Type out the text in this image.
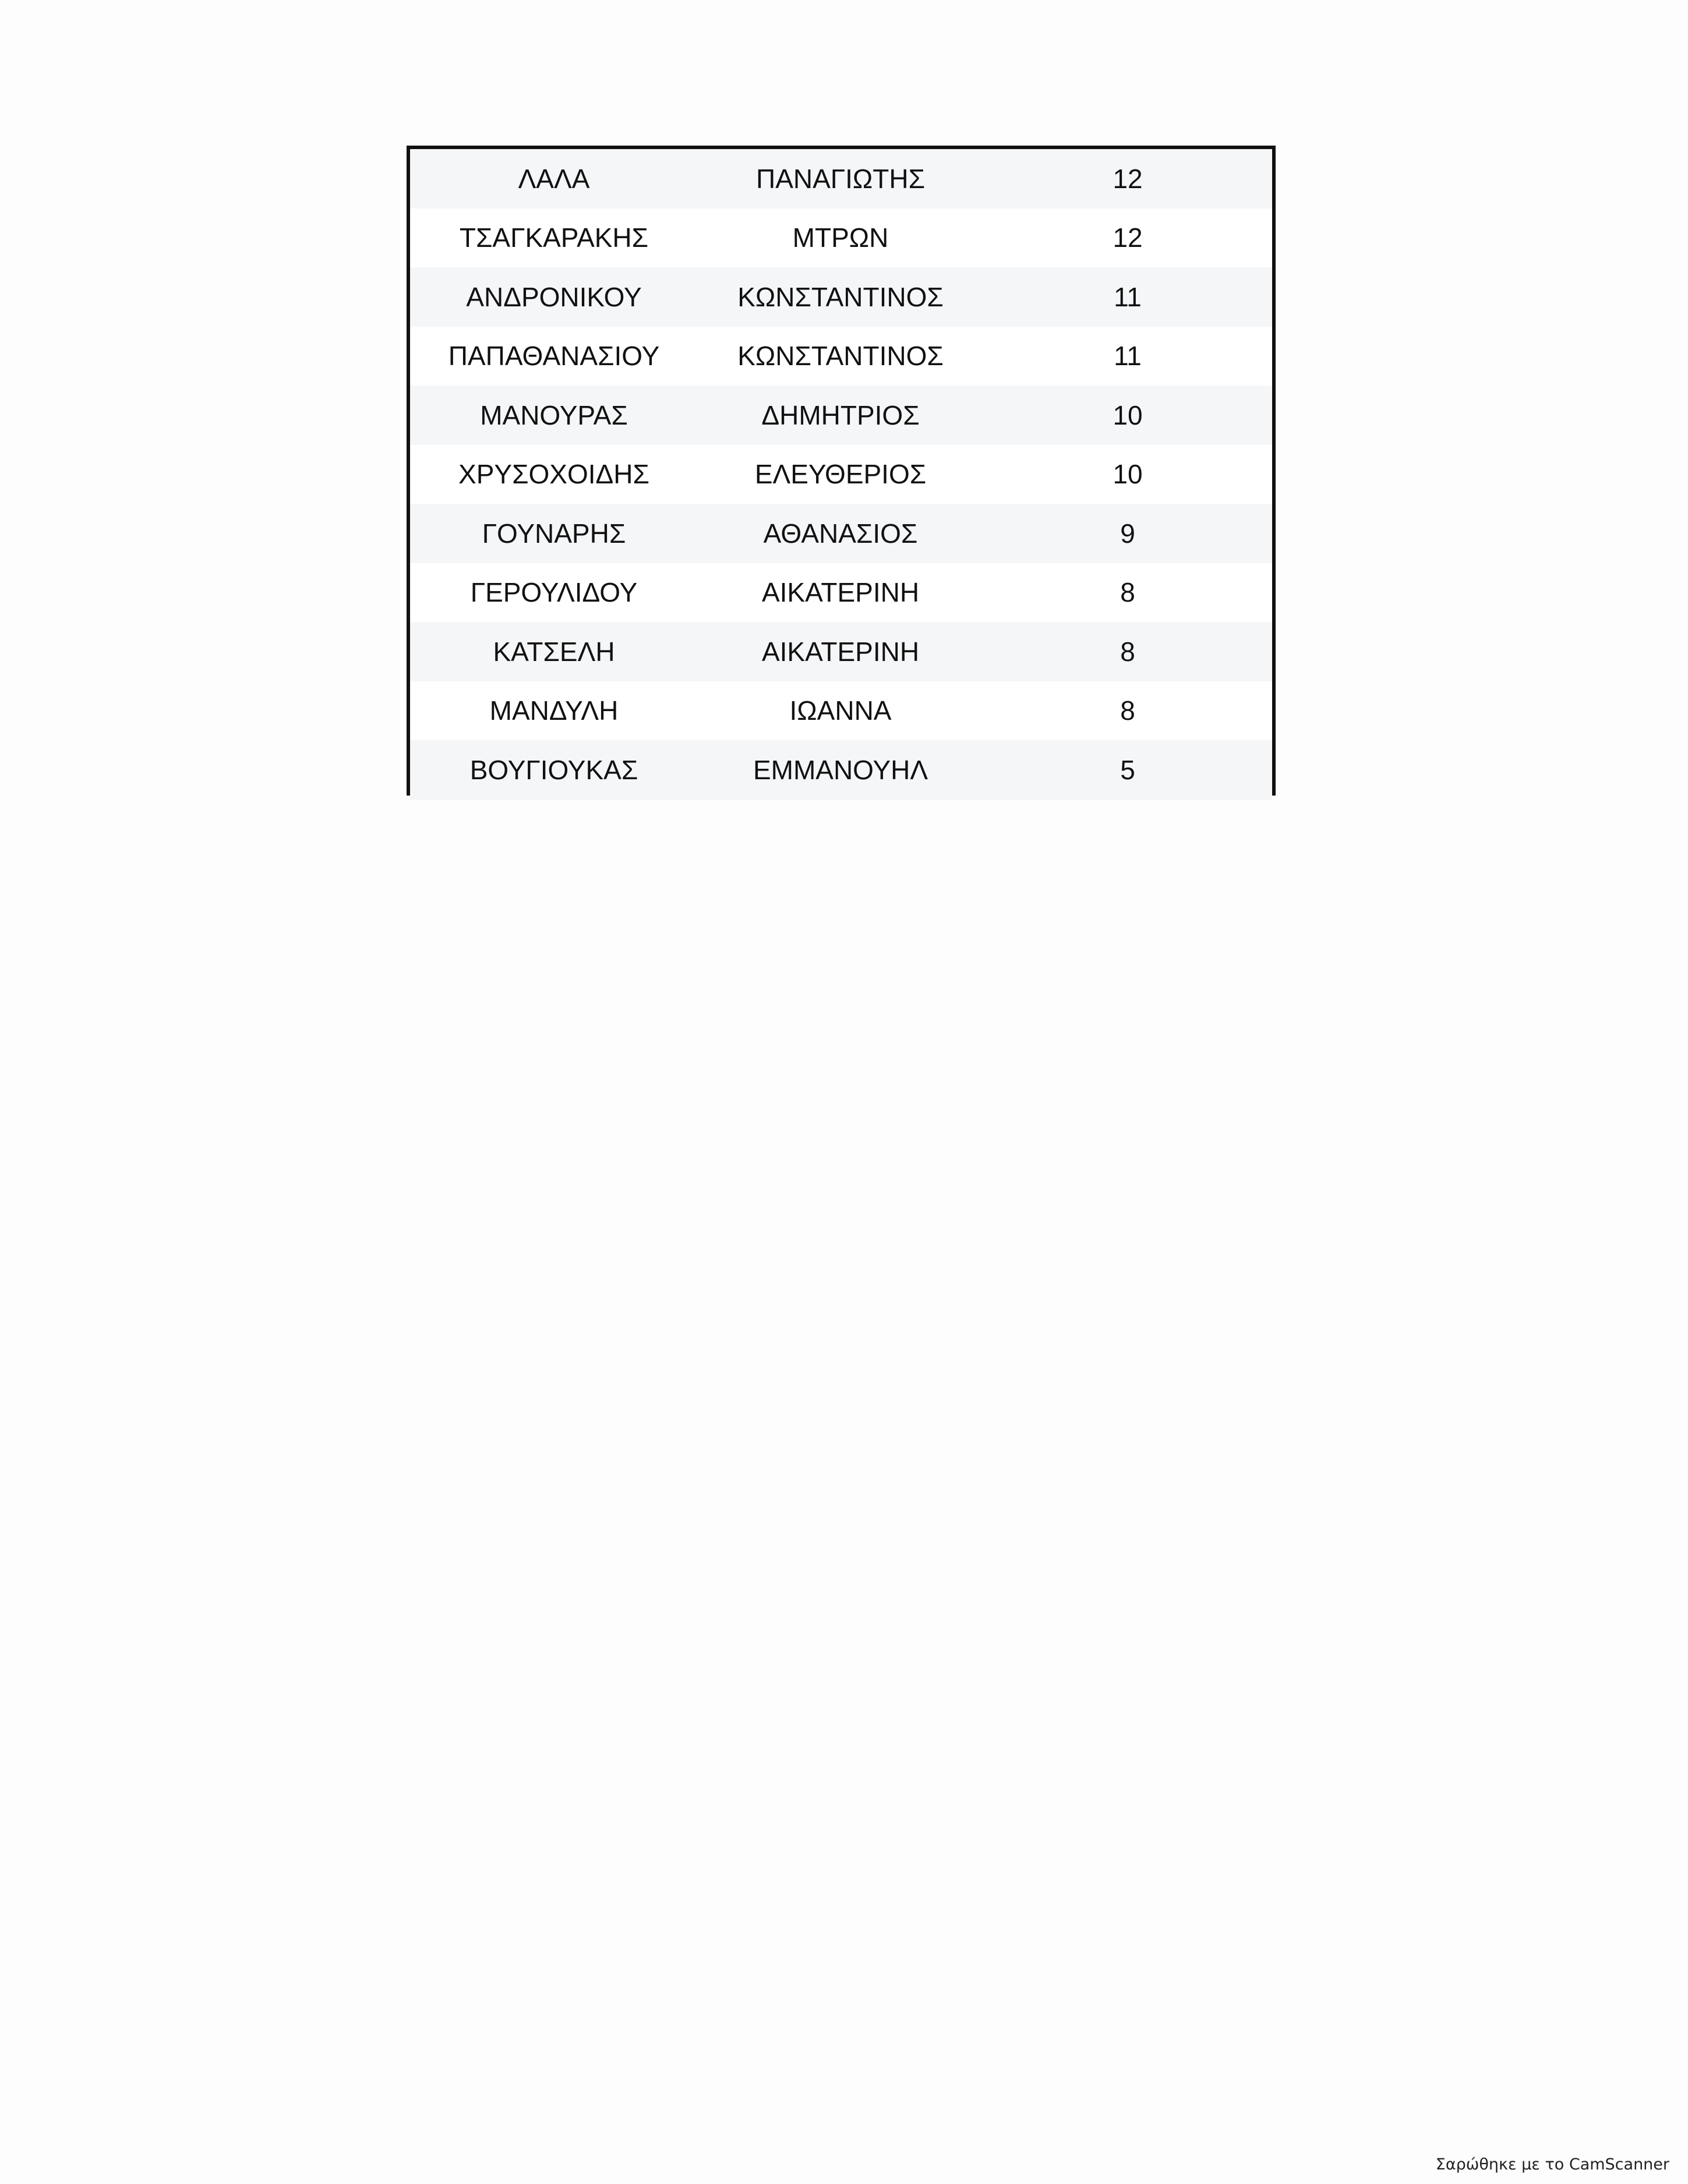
ΛΑΛΑ	ΠΑΝΑΓΙΩΤΗΣ	12
ΤΣΑΓΚΑΡΑΚΗΣ	ΜΤΡΩΝ	12
ΑΝΔΡΟΝΙΚΟΥ	ΚΩΝΣΤΑΝΤΙΝΟΣ	11
ΠΑΠΑΘΑΝΑΣΙΟΥ	ΚΩΝΣΤΑΝΤΙΝΟΣ	11
ΜΑΝΟΥΡΑΣ	ΔΗΜΗΤΡΙΟΣ	10
ΧΡΥΣΟΧΟΙΔΗΣ	ΕΛΕΥΘΕΡΙΟΣ	10
ΓΟΥΝΑΡΗΣ	ΑΘΑΝΑΣΙΟΣ	9
ΓΕΡΟΥΛΙΔΟΥ	ΑΙΚΑΤΕΡΙΝΗ	8
ΚΑΤΣΕΛΗ	ΑΙΚΑΤΕΡΙΝΗ	8
ΜΑΝΔΥΛΗ	ΙΩΑΝΝΑ	8
ΒΟΥΓΙΟΥΚΑΣ	ΕΜΜΑΝΟΥΗΛ	5
Σαρώθηκε με το CamScanner
